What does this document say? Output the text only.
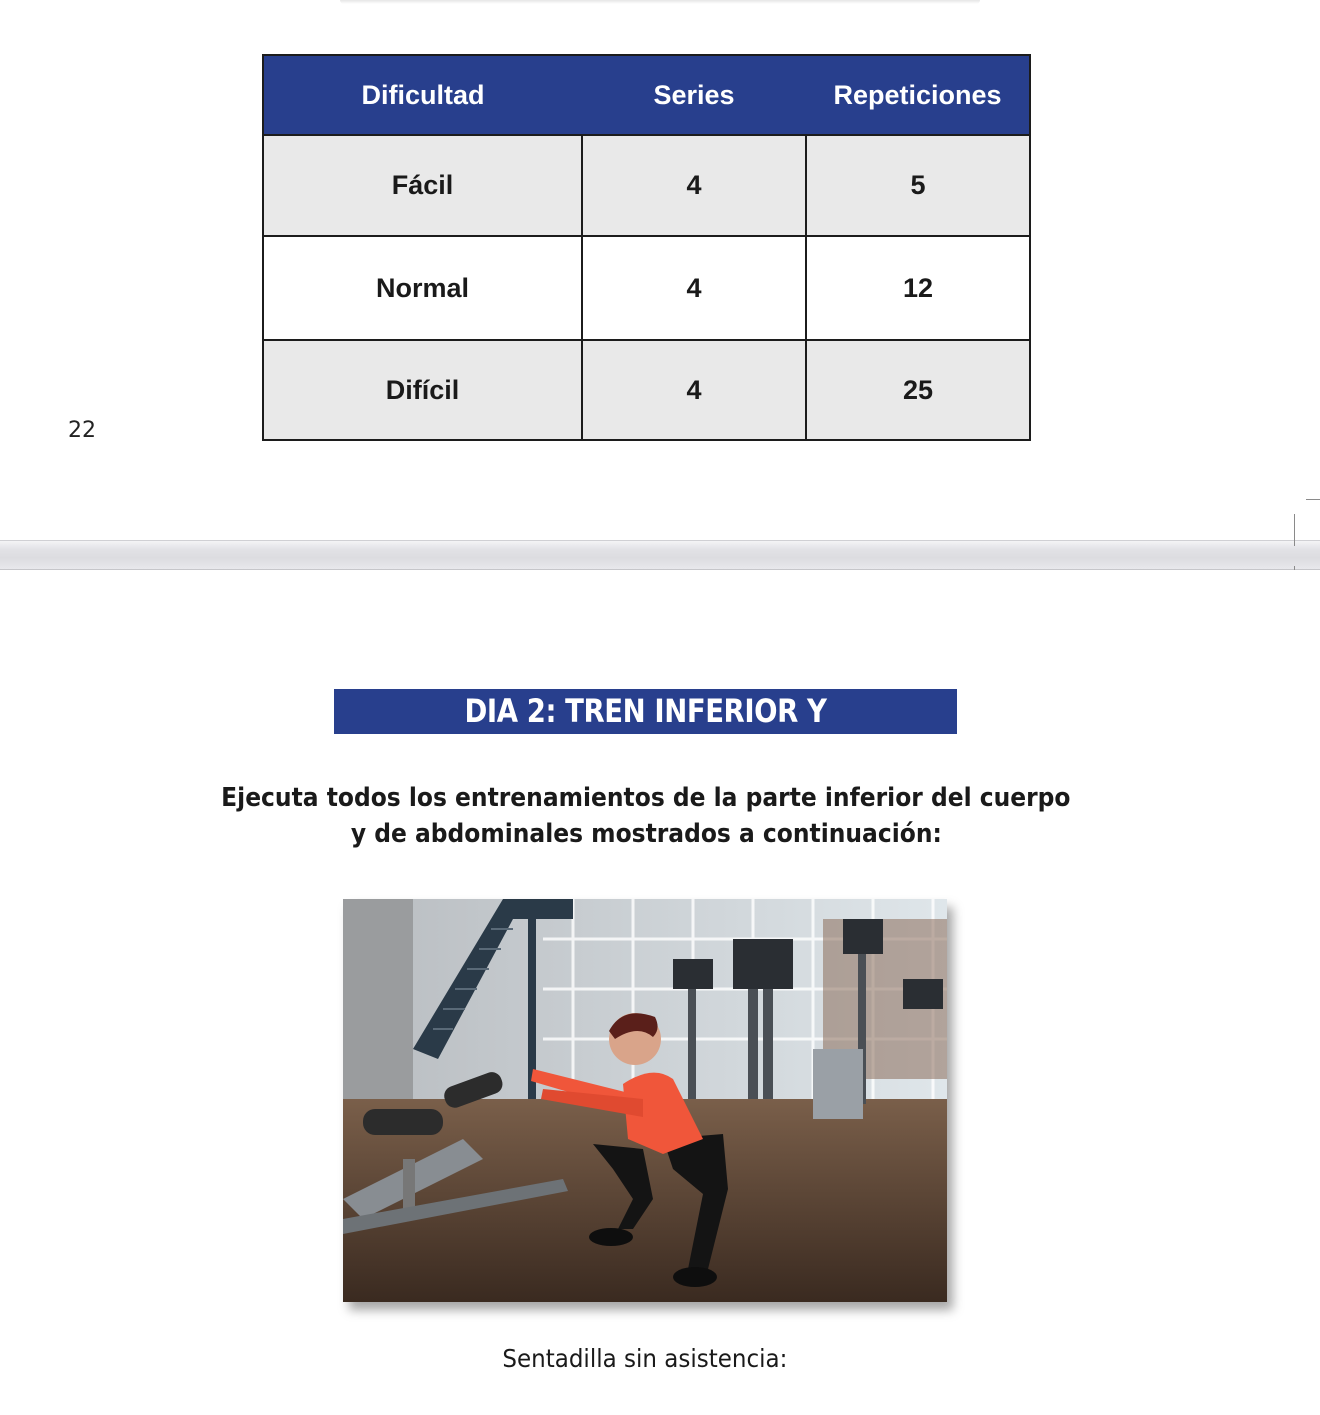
Dificultad	Series	Repeticiones
Fácil	4	5
Normal	4	12
Difícil	4	25
22
DIA 2: TREN INFERIOR Y ABDOMINAL
Ejecuta todos los entrenamientos de la parte inferior del cuerpo
y de abdominales mostrados a continuación:
Sentadilla sin asistencia:
